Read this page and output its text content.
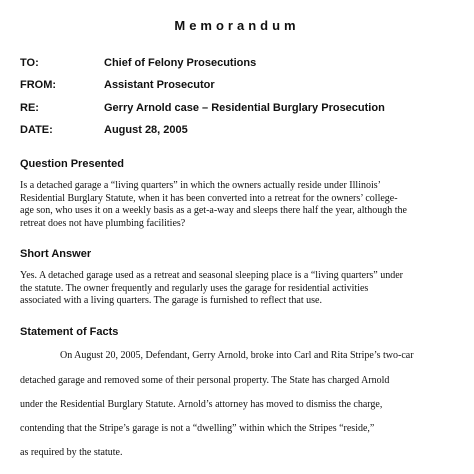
Memorandum
TO:	Chief of Felony Prosecutions
FROM:	Assistant Prosecutor
RE:	Gerry Arnold case – Residential Burglary Prosecution
DATE:	August 28, 2005
Question Presented
Is a detached garage a “living quarters” in which the owners actually reside under Illinois’
Residential Burglary Statute, when it has been converted into a retreat for the owners’ college-
age son, who uses it on a weekly basis as a get-a-way and sleeps there half the year, although the
retreat does not have plumbing facilities?
Short Answer
Yes. A detached garage used as a retreat and seasonal sleeping place is a “living quarters” under
the statute. The owner frequently and regularly uses the garage for residential activities
associated with a living quarters. The garage is furnished to reflect that use.
Statement of Facts
On August 20, 2005, Defendant, Gerry Arnold, broke into Carl and Rita Stripe’s two-car
detached garage and removed some of their personal property. The State has charged Arnold
under the Residential Burglary Statute. Arnold’s attorney has moved to dismiss the charge,
contending that the Stripe’s garage is not a “dwelling” within which the Stripes “reside,”
as required by the statute.
